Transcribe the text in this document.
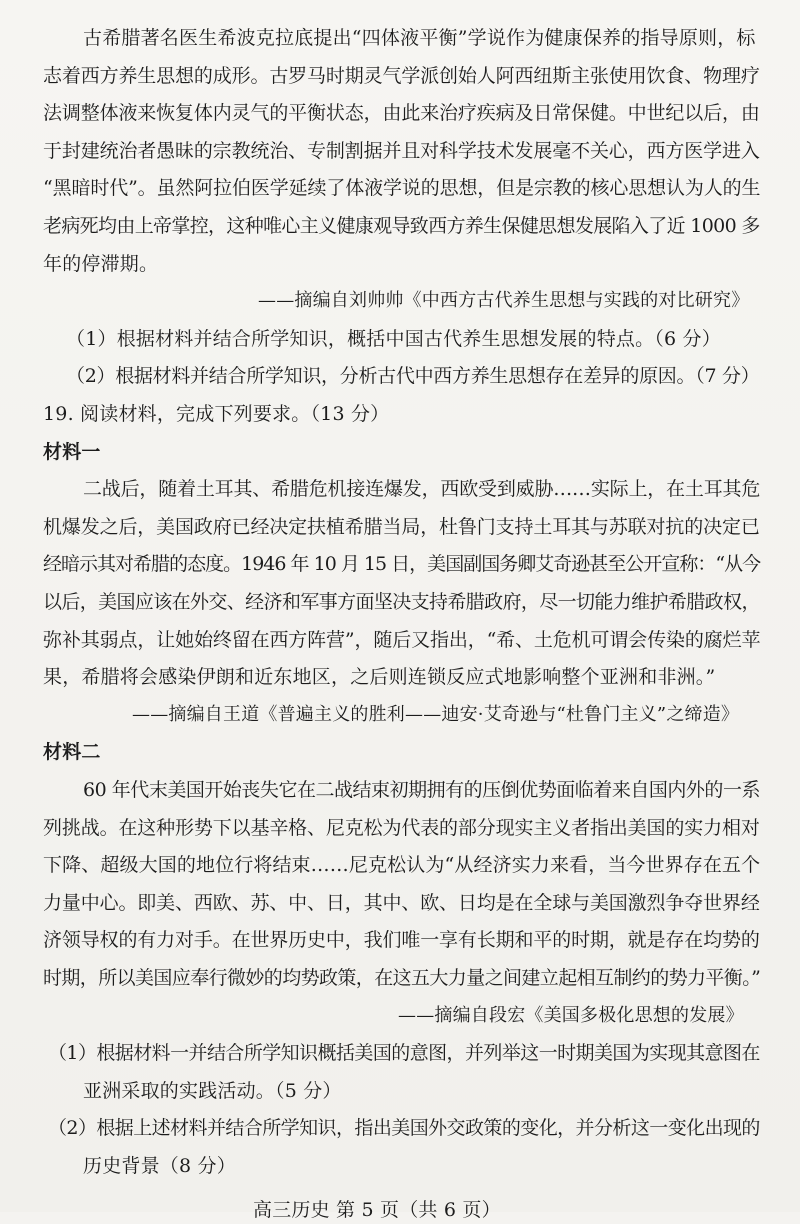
古希腊著名医生希波克拉底提出“四体液平衡”学说作为健康保养的指导原则，标
志着西方养生思想的成形。古罗马时期灵气学派创始人阿西纽斯主张使用饮食、物理疗
法调整体液来恢复体内灵气的平衡状态，由此来治疗疾病及日常保健。中世纪以后，由
于封建统治者愚昧的宗教统治、专制割据并且对科学技术发展毫不关心，西方医学进入
“黑暗时代”。虽然阿拉伯医学延续了体液学说的思想，但是宗教的核心思想认为人的生
老病死均由上帝掌控，这种唯心主义健康观导致西方养生保健思想发展陷入了近 1000 多
年的停滞期。
——摘编自刘帅帅《中西方古代养生思想与实践的对比研究》
（1）根据材料并结合所学知识，概括中国古代养生思想发展的特点。（6 分）
（2）根据材料并结合所学知识，分析古代中西方养生思想存在差异的原因。（7 分）
19. 阅读材料，完成下列要求。（13 分）
材料一
二战后，随着土耳其、希腊危机接连爆发，西欧受到威胁……实际上，在土耳其危
机爆发之后，美国政府已经决定扶植希腊当局，杜鲁门支持土耳其与苏联对抗的决定已
经暗示其对希腊的态度。1946 年 10 月 15 日，美国副国务卿艾奇逊甚至公开宣称：“从今
以后，美国应该在外交、经济和军事方面坚决支持希腊政府，尽一切能力维护希腊政权，
弥补其弱点，让她始终留在西方阵营”，随后又指出，“希、土危机可谓会传染的腐烂苹
果，希腊将会感染伊朗和近东地区，之后则连锁反应式地影响整个亚洲和非洲。”
——摘编自王道《普遍主义的胜利——迪安·艾奇逊与“杜鲁门主义”之缔造》
材料二
60 年代末美国开始丧失它在二战结束初期拥有的压倒优势面临着来自国内外的一系
列挑战。在这种形势下以基辛格、尼克松为代表的部分现实主义者指出美国的实力相对
下降、超级大国的地位行将结束……尼克松认为“从经济实力来看，当今世界存在五个
力量中心。即美、西欧、苏、中、日，其中、欧、日均是在全球与美国激烈争夺世界经
济领导权的有力对手。在世界历史中，我们唯一享有长期和平的时期，就是存在均势的
时期，所以美国应奉行微妙的均势政策，在这五大力量之间建立起相互制约的势力平衡。”
——摘编自段宏《美国多极化思想的发展》
（1）根据材料一并结合所学知识概括美国的意图，并列举这一时期美国为实现其意图在
亚洲采取的实践活动。（5 分）
（2）根据上述材料并结合所学知识，指出美国外交政策的变化，并分析这一变化出现的
历史背景（8 分）
高三历史 第 5 页（共 6 页）
